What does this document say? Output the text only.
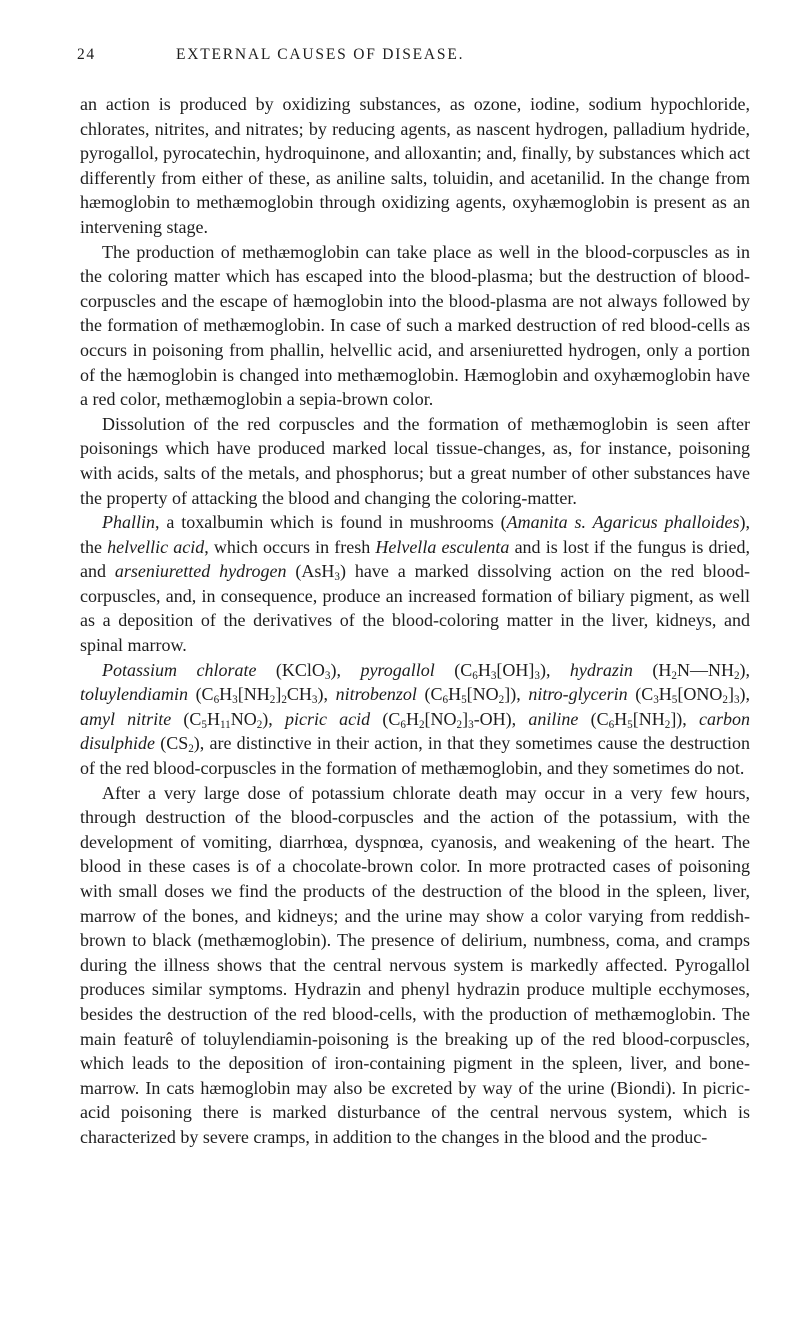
24	EXTERNAL CAUSES OF DISEASE.

an action is produced by oxidizing substances, as ozone, iodine, sodium hypochloride, chlorates, nitrites, and nitrates; by reducing agents, as nascent hydrogen, palladium hydride, pyrogallol, pyrocatechin, hydroquinone, and alloxantin; and, finally, by substances which act differently from either of these, as aniline salts, toluidin, and acetanilid. In the change from hæmoglobin to methæmoglobin through oxidizing agents, oxyhæmoglobin is present as an intervening stage.

The production of methæmoglobin can take place as well in the blood-corpuscles as in the coloring matter which has escaped into the blood-plasma; but the destruction of blood-corpuscles and the escape of hæmoglobin into the blood-plasma are not always followed by the formation of methæmoglobin. In case of such a marked destruction of red blood-cells as occurs in poisoning from phallin, helvellic acid, and arseniuretted hydrogen, only a portion of the hæmoglobin is changed into methæmoglobin. Hæmoglobin and oxyhæmoglobin have a red color, methæmoglobin a sepia-brown color.

Dissolution of the red corpuscles and the formation of methæmoglobin is seen after poisonings which have produced marked local tissue-changes, as, for instance, poisoning with acids, salts of the metals, and phosphorus; but a great number of other substances have the property of attacking the blood and changing the coloring-matter.

Phallin, a toxalbumin which is found in mushrooms (Amanita s. Agaricus phalloides), the helvellic acid, which occurs in fresh Helvella esculenta and is lost if the fungus is dried, and arseniuretted hydrogen (AsH$_3$) have a marked dissolving action on the red blood-corpuscles, and, in consequence, produce an increased formation of biliary pigment, as well as a deposition of the derivatives of the blood-coloring matter in the liver, kidneys, and spinal marrow.

Potassium chlorate (KClO$_3$), pyrogallol $(C_6H_3[OH]_3)$, hydrazin $(H_2N—NH_2)$, toluylendiamin $(C_6H_3[NH_2]_2CH_3)$, nitrobenzol $(C_6H_5[NO_2])$, nitro-glycerin $(C_3H_5[ONO_2]_3)$, amyl nitrite $(C_5H_{11}NO_2)$, picric acid $(C_6H_2[NO_2]_3-OH)$, aniline $(C_6H_5[NH_2])$, carbon disulphide $(CS_2)$, are distinctive in their action, in that they sometimes cause the destruction of the red blood-corpuscles in the formation of methæmoglobin, and they sometimes do not.

After a very large dose of potassium chlorate death may occur in a very few hours, through destruction of the blood-corpuscles and the action of the potassium, with the development of vomiting, diarrhœa, dyspnœa, cyanosis, and weakening of the heart. The blood in these cases is of a chocolate-brown color. In more protracted cases of poisoning with small doses we find the products of the destruction of the blood in the spleen, liver, marrow of the bones, and kidneys; and the urine may show a color varying from reddish-brown to black (methæmoglobin). The presence of delirium, numbness, coma, and cramps during the illness shows that the central nervous system is markedly affected. Pyrogallol produces similar symptoms. Hydrazin and phenyl hydrazin produce multiple ecchymoses, besides the destruction of the red blood-cells, with the production of methæmoglobin. The main featurê of toluylendiamin-poisoning is the breaking up of the red blood-corpuscles, which leads to the deposition of iron-containing pigment in the spleen, liver, and bone-marrow. In cats hæmoglobin may also be excreted by way of the urine (Biondi). In picric-acid poisoning there is marked disturbance of the central nervous system, which is characterized by severe cramps, in addition to the changes in the blood and the produc-
